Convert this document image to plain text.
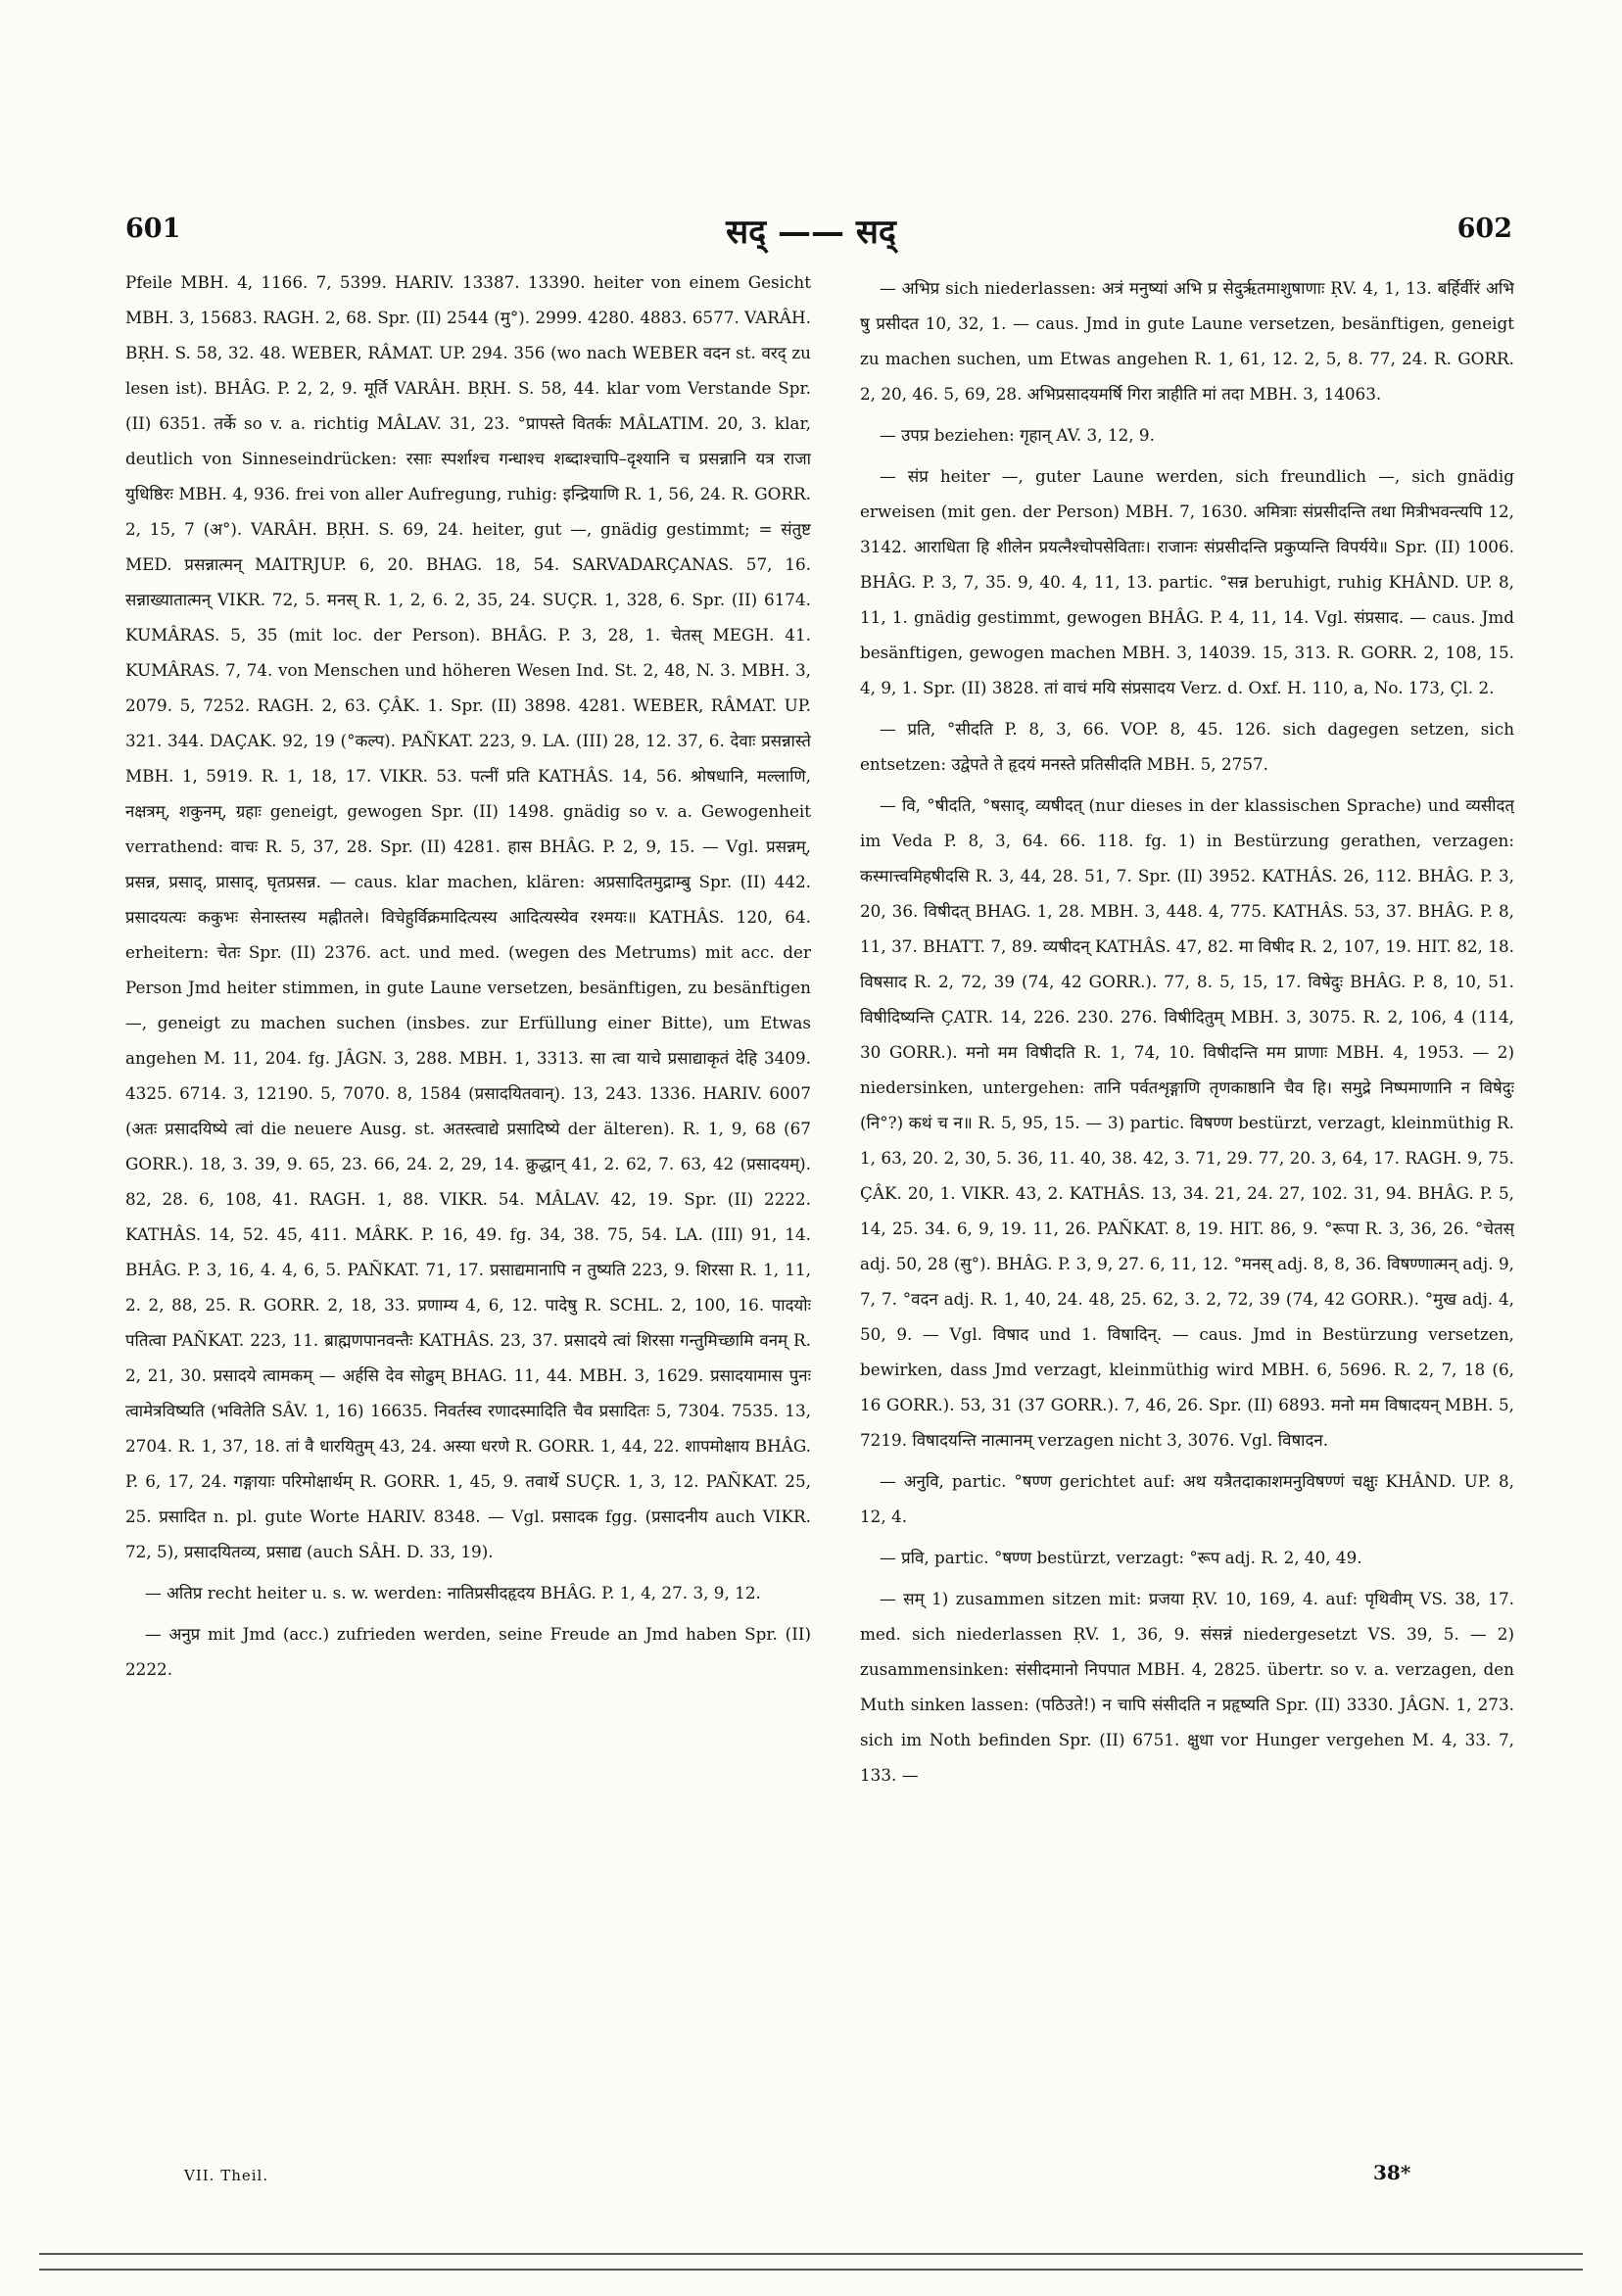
601	सद् —— सद्	602

Pfeile MBH. 4, 1166. 7, 5399. HARIV. 13387. 13390. heiter von einem Gesicht MBH. 3, 15683. RAGH. 2, 68. Spr. (II) 2544 (मु°). 2999. 4280. 4883. 6577. VARÂH. BṚH. S. 58, 32. 48. WEBER, RÂMAT. UP. 294. 356 (wo nach WEBER वदन st. वरद् zu lesen ist). BHÂG. P. 2, 2, 9. मूर्ति VARÂH. BṚH. S. 58, 44. klar vom Verstande Spr. (II) 6351. तर्के so v. a. richtig MÂLAV. 31, 23. °प्रापस्ते वितर्कः MÂLATIM. 20, 3. klar, deutlich von Sinneseindrücken: रसाः स्पर्शाश्च गन्धाश्च शब्दाश्चापि–दृश्यानि च प्रसन्नानि यत्र राजा युधिष्ठिरः MBH. 4, 936. frei von aller Aufregung, ruhig: इन्द्रियाणि R. 1, 56, 24. R. GORR. 2, 15, 7 (अ°). VARÂH. BṚH. S. 69, 24. heiter, gut —, gnädig gestimmt; = संतुष्ट MED. प्रसन्नात्मन् MAITRJUP. 6, 20. BHAG. 18, 54. SARVADARÇANAS. 57, 16. सन्नाख्यातात्मन् VIKR. 72, 5. मनस् R. 1, 2, 6. 2, 35, 24. SUÇR. 1, 328, 6. Spr. (II) 6174. KUMÂRAS. 5, 35 (mit loc. der Person). BHÂG. P. 3, 28, 1. चेतस् MEGH. 41. KUMÂRAS. 7, 74. von Menschen und höheren Wesen Ind. St. 2, 48, N. 3. MBH. 3, 2079. 5, 7252. RAGH. 2, 63. ÇÂK. 1. Spr. (II) 3898. 4281. WEBER, RÂMAT. UP. 321. 344. DAÇAK. 92, 19 (°कल्प). PAÑKAT. 223, 9. LA. (III) 28, 12. 37, 6. देवाः प्रसन्नास्ते MBH. 1, 5919. R. 1, 18, 17. VIKR. 53. पत्नीं प्रति KATHÂS. 14, 56. श्रोषधानि, मल्लाणि, नक्षत्रम्, शकुनम्, ग्रहाः geneigt, gewogen Spr. (II) 1498. gnädig so v. a. Gewogenheit verrathend: वाचः R. 5, 37, 28. Spr. (II) 4281. हास BHÂG. P. 2, 9, 15. — Vgl. प्रसन्नम्, प्रसन्न, प्रसाद्, प्रासाद्, घृतप्रसन्न. — caus. klar machen, klären: अप्रसादितमुद्राम्बु Spr. (II) 442. प्रसादयत्यः ककुभः सेनास्तस्य मह्नीतले। विचेहुर्विक्रमादित्यस्य आदित्यस्येव रश्मयः॥ KATHÂS. 120, 64. erheitern: चेतः Spr. (II) 2376. act. und med. (wegen des Metrums) mit acc. der Person Jmd heiter stimmen, in gute Laune versetzen, besänftigen, zu besänftigen —, geneigt zu machen suchen (insbes. zur Erfüllung einer Bitte), um Etwas angehen M. 11, 204. fg. JÂGN. 3, 288. MBH. 1, 3313. सा त्वा याचे प्रसाद्याकृतं देहि 3409. 4325. 6714. 3, 12190. 5, 7070. 8, 1584 (प्रसादयितवान्). 13, 243. 1336. HARIV. 6007 (अतः प्रसादयिष्ये त्वां die neuere Ausg. st. अतस्त्वाद्ये प्रसादिष्ये der älteren). R. 1, 9, 68 (67 GORR.). 18, 3. 39, 9. 65, 23. 66, 24. 2, 29, 14. क्रुद्धान् 41, 2. 62, 7. 63, 42 (प्रसादयम्). 82, 28. 6, 108, 41. RAGH. 1, 88. VIKR. 54. MÂLAV. 42, 19. Spr. (II) 2222. KATHÂS. 14, 52. 45, 411. MÂRK. P. 16, 49. fg. 34, 38. 75, 54. LA. (III) 91, 14. BHÂG. P. 3, 16, 4. 4, 6, 5. PAÑKAT. 71, 17. प्रसाद्यमानापि न तुष्यति 223, 9. शिरसा R. 1, 11, 2. 2, 88, 25. R. GORR. 2, 18, 33. प्रणाम्य 4, 6, 12. पादेषु R. SCHL. 2, 100, 16. पादयोः पतित्वा PAÑKAT. 223, 11. ब्राह्मणपानवन्तैः KATHÂS. 23, 37. प्रसादये त्वां शिरसा गन्तुमिच्छामि वनम् R. 2, 21, 30. प्रसादये त्वामकम् — अर्हसि देव सोढुम् BHAG. 11, 44. MBH. 3, 1629. प्रसादयामास पुनः त्वामेत्रविष्यति (भवितेति SÂV. 1, 16) 16635. निवर्तस्व रणादस्मादिति चैव प्रसादितः 5, 7304. 7535. 13, 2704. R. 1, 37, 18. तां वै धारयितुम् 43, 24. अस्या धरणे R. GORR. 1, 44, 22. शापमोक्षाय BHÂG. P. 6, 17, 24. गङ्गायाः परिमोक्षार्थम् R. GORR. 1, 45, 9. तवार्थे SUÇR. 1, 3, 12. PAÑKAT. 25, 25. प्रसादित n. pl. gute Worte HARIV. 8348. — Vgl. प्रसादक fgg. (प्रसादनीय auch VIKR. 72, 5), प्रसादयितव्य, प्रसाद्य (auch SÂH. D. 33, 19).

— अतिप्र recht heiter u. s. w. werden: नातिप्रसीदहृदय BHÂG. P. 1, 4, 27. 3, 9, 12.

— अनुप्र mit Jmd (acc.) zufrieden werden, seine Freude an Jmd haben Spr. (II) 2222.

— अभिप्र sich niederlassen: अत्रं मनुष्यां अभि प्र सेदुर्ऋतमाशुषाणाः ṚV. 4, 1, 13. बर्हिर्वीरं अभि षु प्रसीदत 10, 32, 1. — caus. Jmd in gute Laune versetzen, besänftigen, geneigt zu machen suchen, um Etwas angehen R. 1, 61, 12. 2, 5, 8. 77, 24. R. GORR. 2, 20, 46. 5, 69, 28. अभिप्रसादयमर्षि गिरा त्राहीति मां तदा MBH. 3, 14063.

— उपप्र beziehen: गृहान् AV. 3, 12, 9.

— संप्र heiter —, guter Laune werden, sich freundlich —, sich gnädig erweisen (mit gen. der Person) MBH. 7, 1630. अमित्राः संप्रसीदन्ति तथा मित्रीभवन्त्यपि 12, 3142. आराधिता हि शीलेन प्रयत्नैश्चोपसेविताः। राजानः संप्रसीदन्ति प्रकुप्यन्ति विपर्यये॥ Spr. (II) 1006. BHÂG. P. 3, 7, 35. 9, 40. 4, 11, 13. partic. °सन्न beruhigt, ruhig KHÂND. UP. 8, 11, 1. gnädig gestimmt, gewogen BHÂG. P. 4, 11, 14. Vgl. संप्रसाद. — caus. Jmd besänftigen, gewogen machen MBH. 3, 14039. 15, 313. R. GORR. 2, 108, 15. 4, 9, 1. Spr. (II) 3828. तां वाचं मयि संप्रसादय Verz. d. Oxf. H. 110, a, No. 173, Çl. 2.

— प्रति, °सीदति P. 8, 3, 66. VOP. 8, 45. 126. sich dagegen setzen, sich entsetzen: उद्वेपते ते हृदयं मनस्ते प्रतिसीदति MBH. 5, 2757.

— वि, °षीदति, °षसाद्, व्यषीदत् (nur dieses in der klassischen Sprache) und व्यसीदत् im Veda P. 8, 3, 64. 66. 118. fg. 1) in Bestürzung gerathen, verzagen: कस्मात्त्वमिहषीदसि R. 3, 44, 28. 51, 7. Spr. (II) 3952. KATHÂS. 26, 112. BHÂG. P. 3, 20, 36. विषीदत् BHAG. 1, 28. MBH. 3, 448. 4, 775. KATHÂS. 53, 37. BHÂG. P. 8, 11, 37. BHATT. 7, 89. व्यषीदन् KATHÂS. 47, 82. मा विषीद R. 2, 107, 19. HIT. 82, 18. विषसाद R. 2, 72, 39 (74, 42 GORR.). 77, 8. 5, 15, 17. विषेदुः BHÂG. P. 8, 10, 51. विषीदिष्यन्ति ÇATR. 14, 226. 230. 276. विषीदितुम् MBH. 3, 3075. R. 2, 106, 4 (114, 30 GORR.). मनो मम विषीदति R. 1, 74, 10. विषीदन्ति मम प्राणाः MBH. 4, 1953. — 2) niedersinken, untergehen: तानि पर्वतशृङ्गाणि तृणकाष्ठानि चैव हि। समुद्रे निष्पमाणानि न विषेदुः (नि°?) कथं च न॥ R. 5, 95, 15. — 3) partic. विषण्ण bestürzt, verzagt, kleinmüthig R. 1, 63, 20. 2, 30, 5. 36, 11. 40, 38. 42, 3. 71, 29. 77, 20. 3, 64, 17. RAGH. 9, 75. ÇÂK. 20, 1. VIKR. 43, 2. KATHÂS. 13, 34. 21, 24. 27, 102. 31, 94. BHÂG. P. 5, 14, 25. 34. 6, 9, 19. 11, 26. PAÑKAT. 8, 19. HIT. 86, 9. °रूपा R. 3, 36, 26. °चेतस् adj. 50, 28 (सु°). BHÂG. P. 3, 9, 27. 6, 11, 12. °मनस् adj. 8, 8, 36. विषण्णात्मन् adj. 9, 7, 7. °वदन adj. R. 1, 40, 24. 48, 25. 62, 3. 2, 72, 39 (74, 42 GORR.). °मुख adj. 4, 50, 9. — Vgl. विषाद und 1. विषादिन्. — caus. Jmd in Bestürzung versetzen, bewirken, dass Jmd verzagt, kleinmüthig wird MBH. 6, 5696. R. 2, 7, 18 (6, 16 GORR.). 53, 31 (37 GORR.). 7, 46, 26. Spr. (II) 6893. मनो मम विषादयन् MBH. 5, 7219. विषादयन्ति नात्मानम् verzagen nicht 3, 3076. Vgl. विषादन.

— अनुवि, partic. °षण्ण gerichtet auf: अथ यत्रैतदाकाशमनुविषण्णं चक्षुः KHÂND. UP. 8, 12, 4.

— प्रवि, partic. °षण्ण bestürzt, verzagt: °रूप adj. R. 2, 40, 49.

— सम् 1) zusammen sitzen mit: प्रजया ṚV. 10, 169, 4. auf: पृथिवीम् VS. 38, 17. med. sich niederlassen ṚV. 1, 36, 9. संसन्नं niedergesetzt VS. 39, 5. — 2) zusammensinken: संसीदमानो निपपात MBH. 4, 2825. übertr. so v. a. verzagen, den Muth sinken lassen: (पठिउते!) न चापि संसीदति न प्रहृष्यति Spr. (II) 3330. JÂGN. 1, 273. sich im Noth befinden Spr. (II) 6751. क्षुधा vor Hunger vergehen M. 4, 33. 7, 133. —

VII. Theil.	38*
